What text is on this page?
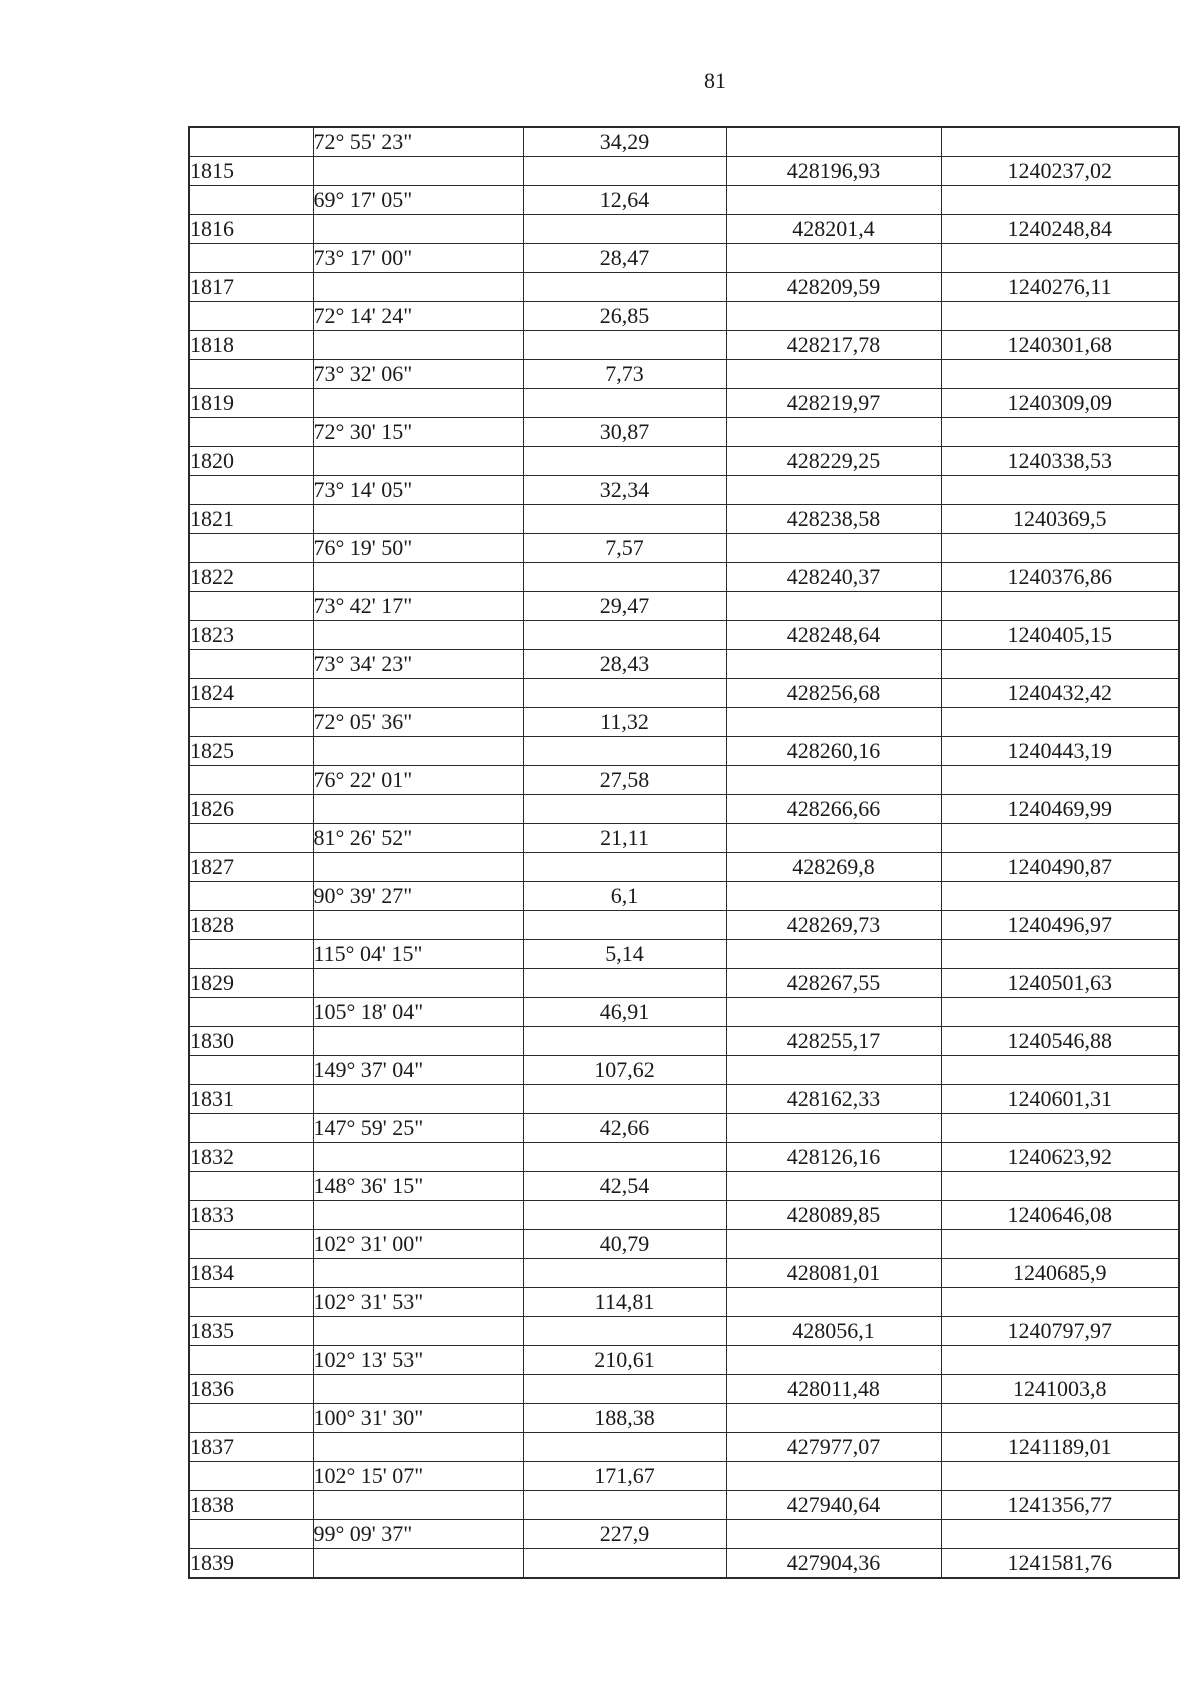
81
	72° 55' 23"	34,29		
1815			428196,93	1240237,02
	69° 17' 05"	12,64		
1816			428201,4	1240248,84
	73° 17' 00"	28,47		
1817			428209,59	1240276,11
	72° 14' 24"	26,85		
1818			428217,78	1240301,68
	73° 32' 06"	7,73		
1819			428219,97	1240309,09
	72° 30' 15"	30,87		
1820			428229,25	1240338,53
	73° 14' 05"	32,34		
1821			428238,58	1240369,5
	76° 19' 50"	7,57		
1822			428240,37	1240376,86
	73° 42' 17"	29,47		
1823			428248,64	1240405,15
	73° 34' 23"	28,43		
1824			428256,68	1240432,42
	72° 05' 36"	11,32		
1825			428260,16	1240443,19
	76° 22' 01"	27,58		
1826			428266,66	1240469,99
	81° 26' 52"	21,11		
1827			428269,8	1240490,87
	90° 39' 27"	6,1		
1828			428269,73	1240496,97
	115° 04' 15"	5,14		
1829			428267,55	1240501,63
	105° 18' 04"	46,91		
1830			428255,17	1240546,88
	149° 37' 04"	107,62		
1831			428162,33	1240601,31
	147° 59' 25"	42,66		
1832			428126,16	1240623,92
	148° 36' 15"	42,54		
1833			428089,85	1240646,08
	102° 31' 00"	40,79		
1834			428081,01	1240685,9
	102° 31' 53"	114,81		
1835			428056,1	1240797,97
	102° 13' 53"	210,61		
1836			428011,48	1241003,8
	100° 31' 30"	188,38		
1837			427977,07	1241189,01
	102° 15' 07"	171,67		
1838			427940,64	1241356,77
	99° 09' 37"	227,9		
1839			427904,36	1241581,76
